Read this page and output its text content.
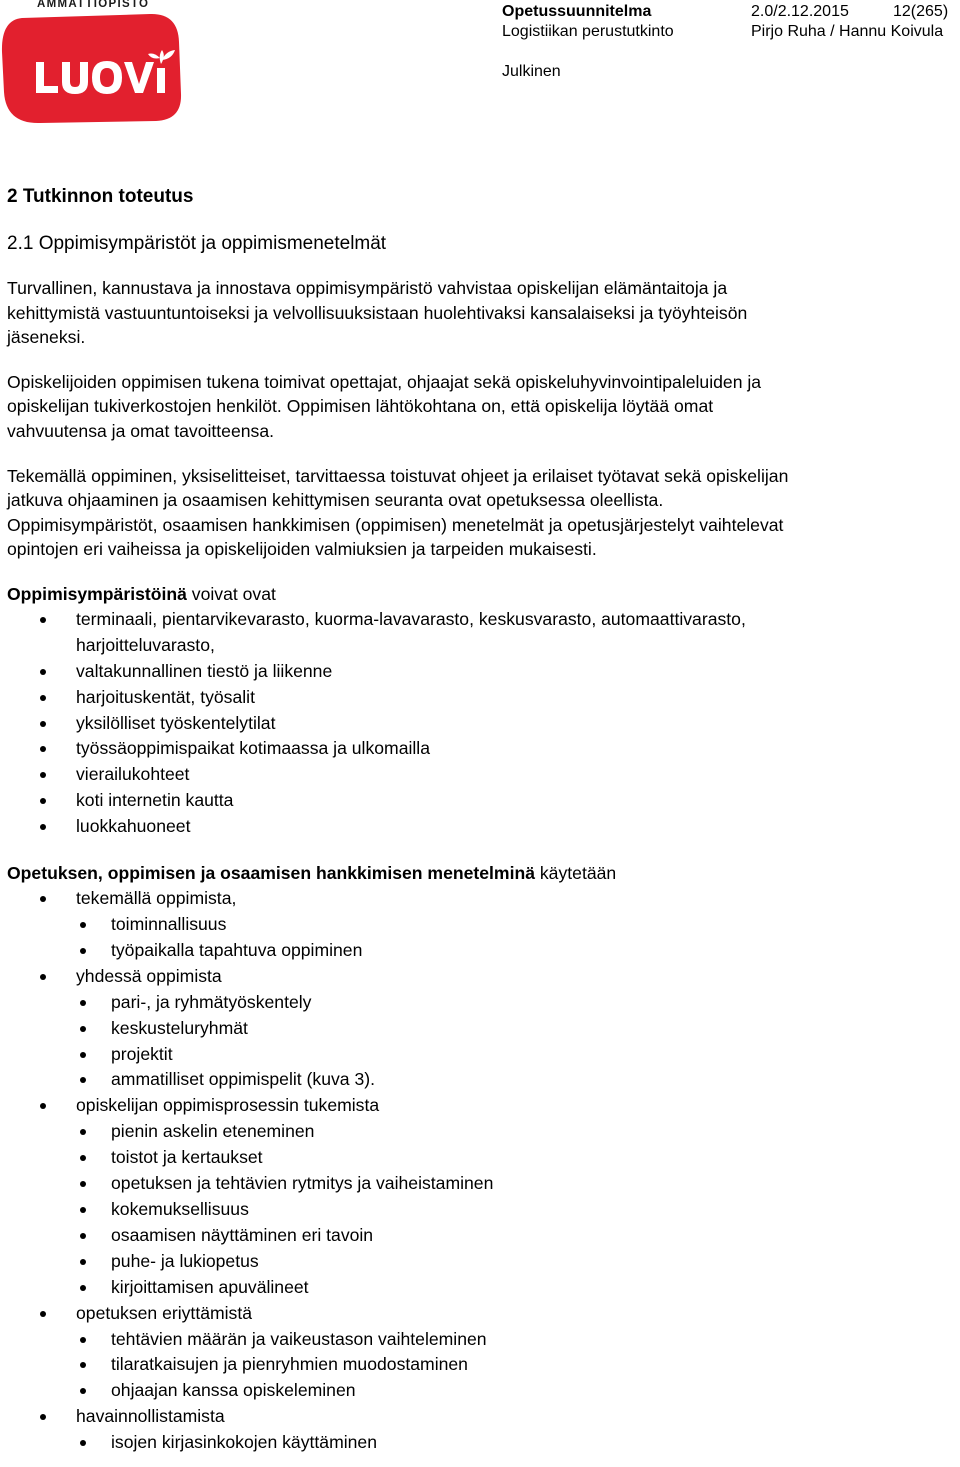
AMMATTIOPISTO	Opetussuunnitelma	2.0/2.12.2015	12(265)
Logistiikan perustutkinto	Pirjo Ruha / Hannu Koivula
Julkinen
2 Tutkinnon toteutus
2.1 Oppimisympäristöt ja oppimismenetelmät

Turvallinen, kannustava ja innostava oppimisympäristö vahvistaa opiskelijan elämäntaitoja ja
kehittymistä vastuuntuntoiseksi ja velvollisuuksistaan huolehtivaksi kansalaiseksi ja työyhteisön
jäseneksi.

Opiskelijoiden oppimisen tukena toimivat opettajat, ohjaajat sekä opiskeluhyvinvointipaleluiden ja
opiskelijan tukiverkostojen henkilöt. Oppimisen lähtökohtana on, että opiskelija löytää omat
vahvuutensa ja omat tavoitteensa.

Tekemällä oppiminen, yksiselitteiset, tarvittaessa toistuvat ohjeet ja erilaiset työtavat sekä opiskelijan
jatkuva ohjaaminen ja osaamisen kehittymisen seuranta ovat opetuksessa oleellista.
Oppimisympäristöt, osaamisen hankkimisen (oppimisen) menetelmät ja opetusjärjestelyt vaihtelevat
opintojen eri vaiheissa ja opiskelijoiden valmiuksien ja tarpeiden mukaisesti.

Oppimisympäristöinä voivat ovat

terminaali, pientarvikevarasto, kuorma-lavavarasto, keskusvarasto, automaattivarasto,
harjoitteluvarasto,
valtakunnallinen tiestö ja liikenne
harjoituskentät, työsalit
yksilölliset työskentelytilat
työssäoppimispaikat kotimaassa ja ulkomailla
vierailukohteet
koti internetin kautta
luokkahuoneet

Opetuksen, oppimisen ja osaamisen hankkimisen menetelminä käytetään

tekemällä oppimista,
toiminnallisuus
työpaikalla tapahtuva oppiminen
yhdessä oppimista
pari-, ja ryhmätyöskentely
keskusteluryhmät
projektit
ammatilliset oppimispelit (kuva 3).
opiskelijan oppimisprosessin tukemista
pienin askelin eteneminen
toistot ja kertaukset
opetuksen ja tehtävien rytmitys ja vaiheistaminen
kokemuksellisuus
osaamisen näyttäminen eri tavoin
puhe- ja lukiopetus
kirjoittamisen apuvälineet
opetuksen eriyttämistä
tehtävien määrän ja vaikeustason vaihteleminen
tilaratkaisujen ja pienryhmien muodostaminen
ohjaajan kanssa opiskeleminen
havainnollistamista
isojen kirjasinkokojen käyttäminen
